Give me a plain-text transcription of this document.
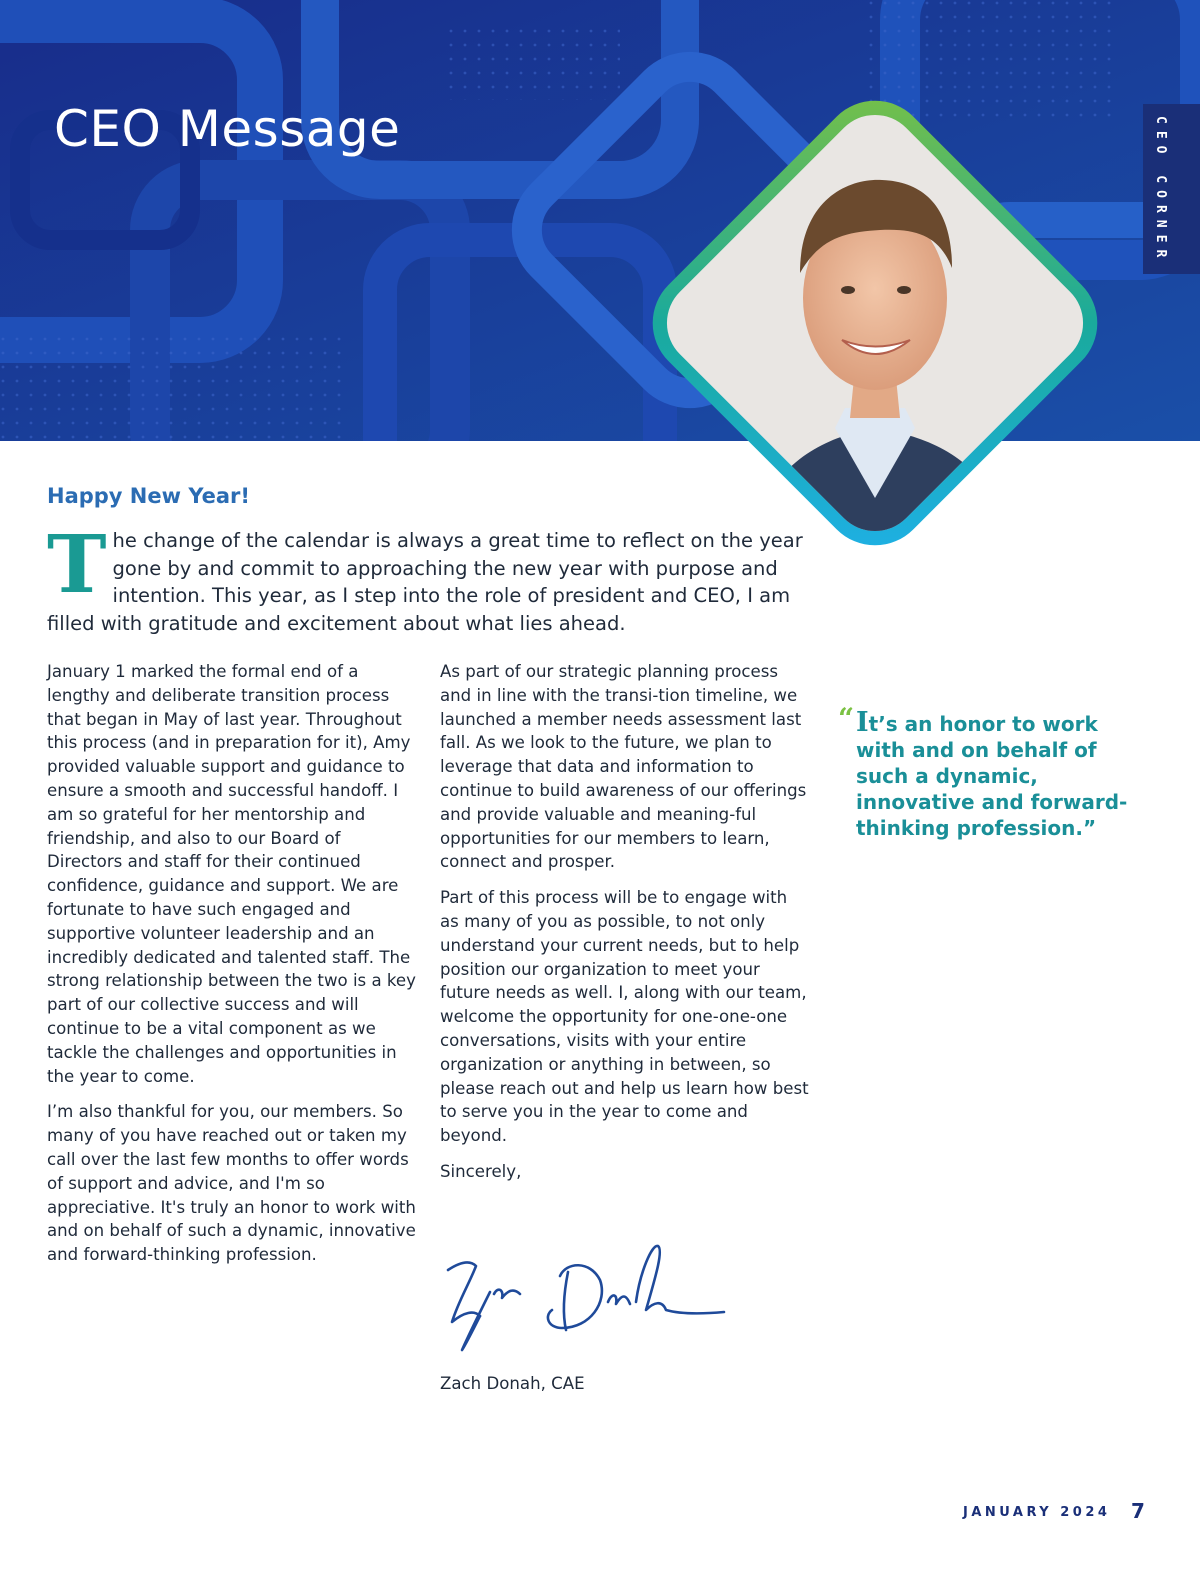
CEO Message	CEO CORNER
Happy New Year!

The change of the calendar is always a great time to reflect on the year gone by and commit to approaching the new year with purpose and intention. This year, as I step into the role of president and CEO, I am filled with gratitude and excitement about what lies ahead.

January 1 marked the formal end of a lengthy and deliberate transition process that began in May of last year. Throughout this process (and in preparation for it), Amy provided valuable support and guidance to ensure a smooth and successful handoff. I am so grateful for her mentorship and friendship, and also to our Board of Directors and staff for their continued confidence, guidance and support. We are fortunate to have such engaged and supportive volunteer leadership and an incredibly dedicated and talented staff. The strong relationship between the two is a key part of our collective success and will continue to be a vital component as we tackle the challenges and opportunities in the year to come.

I’m also thankful for you, our members. So many of you have reached out or taken my call over the last few months to offer words of support and advice, and I'm so appreciative. It's truly an honor to work with and on behalf of such a dynamic, innovative and forward-thinking profession.

As part of our strategic planning process and in line with the transi-tion timeline, we launched a member needs assessment last fall. As we look to the future, we plan to leverage that data and information to continue to build awareness of our offerings and provide valuable and meaning-ful opportunities for our members to learn, connect and prosper.

Part of this process will be to engage with as many of you as possible, to not only understand your current needs, but to help position our organization to meet your future needs as well. I, along with our team, welcome the opportunity for one-one-one conversations, visits with your entire organization or anything in between, so please reach out and help us learn how best to serve you in the year to come and beyond.

Sincerely,

Zach Donah, CAE
“ It’s an honor to work with and on behalf of such a dynamic, innovative and forward-thinking profession.”
JANUARY 2024 7
